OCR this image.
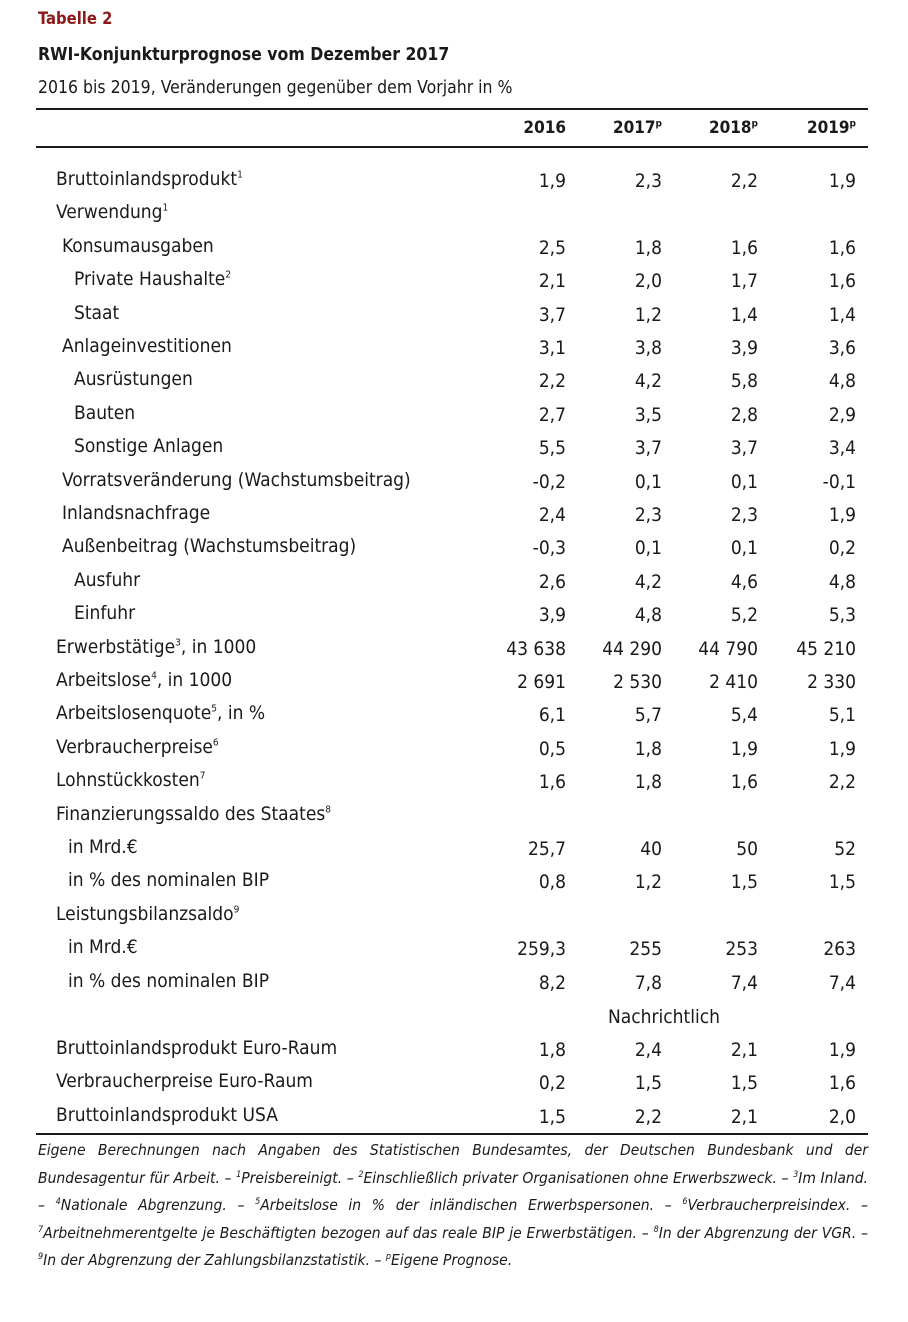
Tabelle 2
RWI-Konjunkturprognose vom Dezember 2017
2016 bis 2019, Veränderungen gegenüber dem Vorjahr in %
2016	2017$^p$	2018$^p$	2019$^p$
Bruttoinlandsprodukt$^1$	1,9	2,3	2,2	1,9
Verwendung$^1$
Konsumausgaben	2,5	1,8	1,6	1,6
Private Haushalte$^2$	2,1	2,0	1,7	1,6
Staat	3,7	1,2	1,4	1,4
Anlageinvestitionen	3,1	3,8	3,9	3,6
Ausrüstungen	2,2	4,2	5,8	4,8
Bauten	2,7	3,5	2,8	2,9
Sonstige Anlagen	5,5	3,7	3,7	3,4
Vorratsveränderung (Wachstumsbeitrag)	-0,2	0,1	0,1	-0,1
Inlandsnachfrage	2,4	2,3	2,3	1,9
Außenbeitrag (Wachstumsbeitrag)	-0,3	0,1	0,1	0,2
Ausfuhr	2,6	4,2	4,6	4,8
Einfuhr	3,9	4,8	5,2	5,3
Erwerbstätige$^3$, in 1000	43 638	44 290	44 790	45 210
Arbeitslose$^4$, in 1000	2 691	2 530	2 410	2 330
Arbeitslosenquote$^5$, in %	6,1	5,7	5,4	5,1
Verbraucherpreise$^6$	0,5	1,8	1,9	1,9
Lohnstückkosten$^7$	1,6	1,8	1,6	2,2
Finanzierungssaldo des Staates$^8$
in Mrd.€	25,7	40	50	52
in % des nominalen BIP	0,8	1,2	1,5	1,5
Leistungsbilanzsaldo$^9$
in Mrd.€	259,3	255	253	263
in % des nominalen BIP	8,2	7,8	7,4	7,4
Nachrichtlich
Bruttoinlandsprodukt Euro-Raum	1,8	2,4	2,1	1,9
Verbraucherpreise Euro-Raum	0,2	1,5	1,5	1,6
Bruttoinlandsprodukt USA	1,5	2,2	2,1	2,0
Eigene Berechnungen nach Angaben des Statistischen Bundesamtes, der Deutschen Bundesbank und der Bundesagentur für Arbeit. – $^1$Preisbereinigt. – $^2$Einschließlich privater Organisationen ohne Erwerbszweck. – $^3$Im Inland. – $^4$Nationale Abgrenzung. – $^5$Arbeitslose in % der inländischen Erwerbspersonen. – $^6$Verbraucherpreisindex. – $^7$Arbeitnehmerentgelte je Beschäftigten bezogen auf das reale BIP je Erwerbstätigen. – $^8$In der Abgrenzung der VGR. – $^9$In der Abgrenzung der Zahlungsbilanzstatistik. – $^p$Eigene Prognose.
